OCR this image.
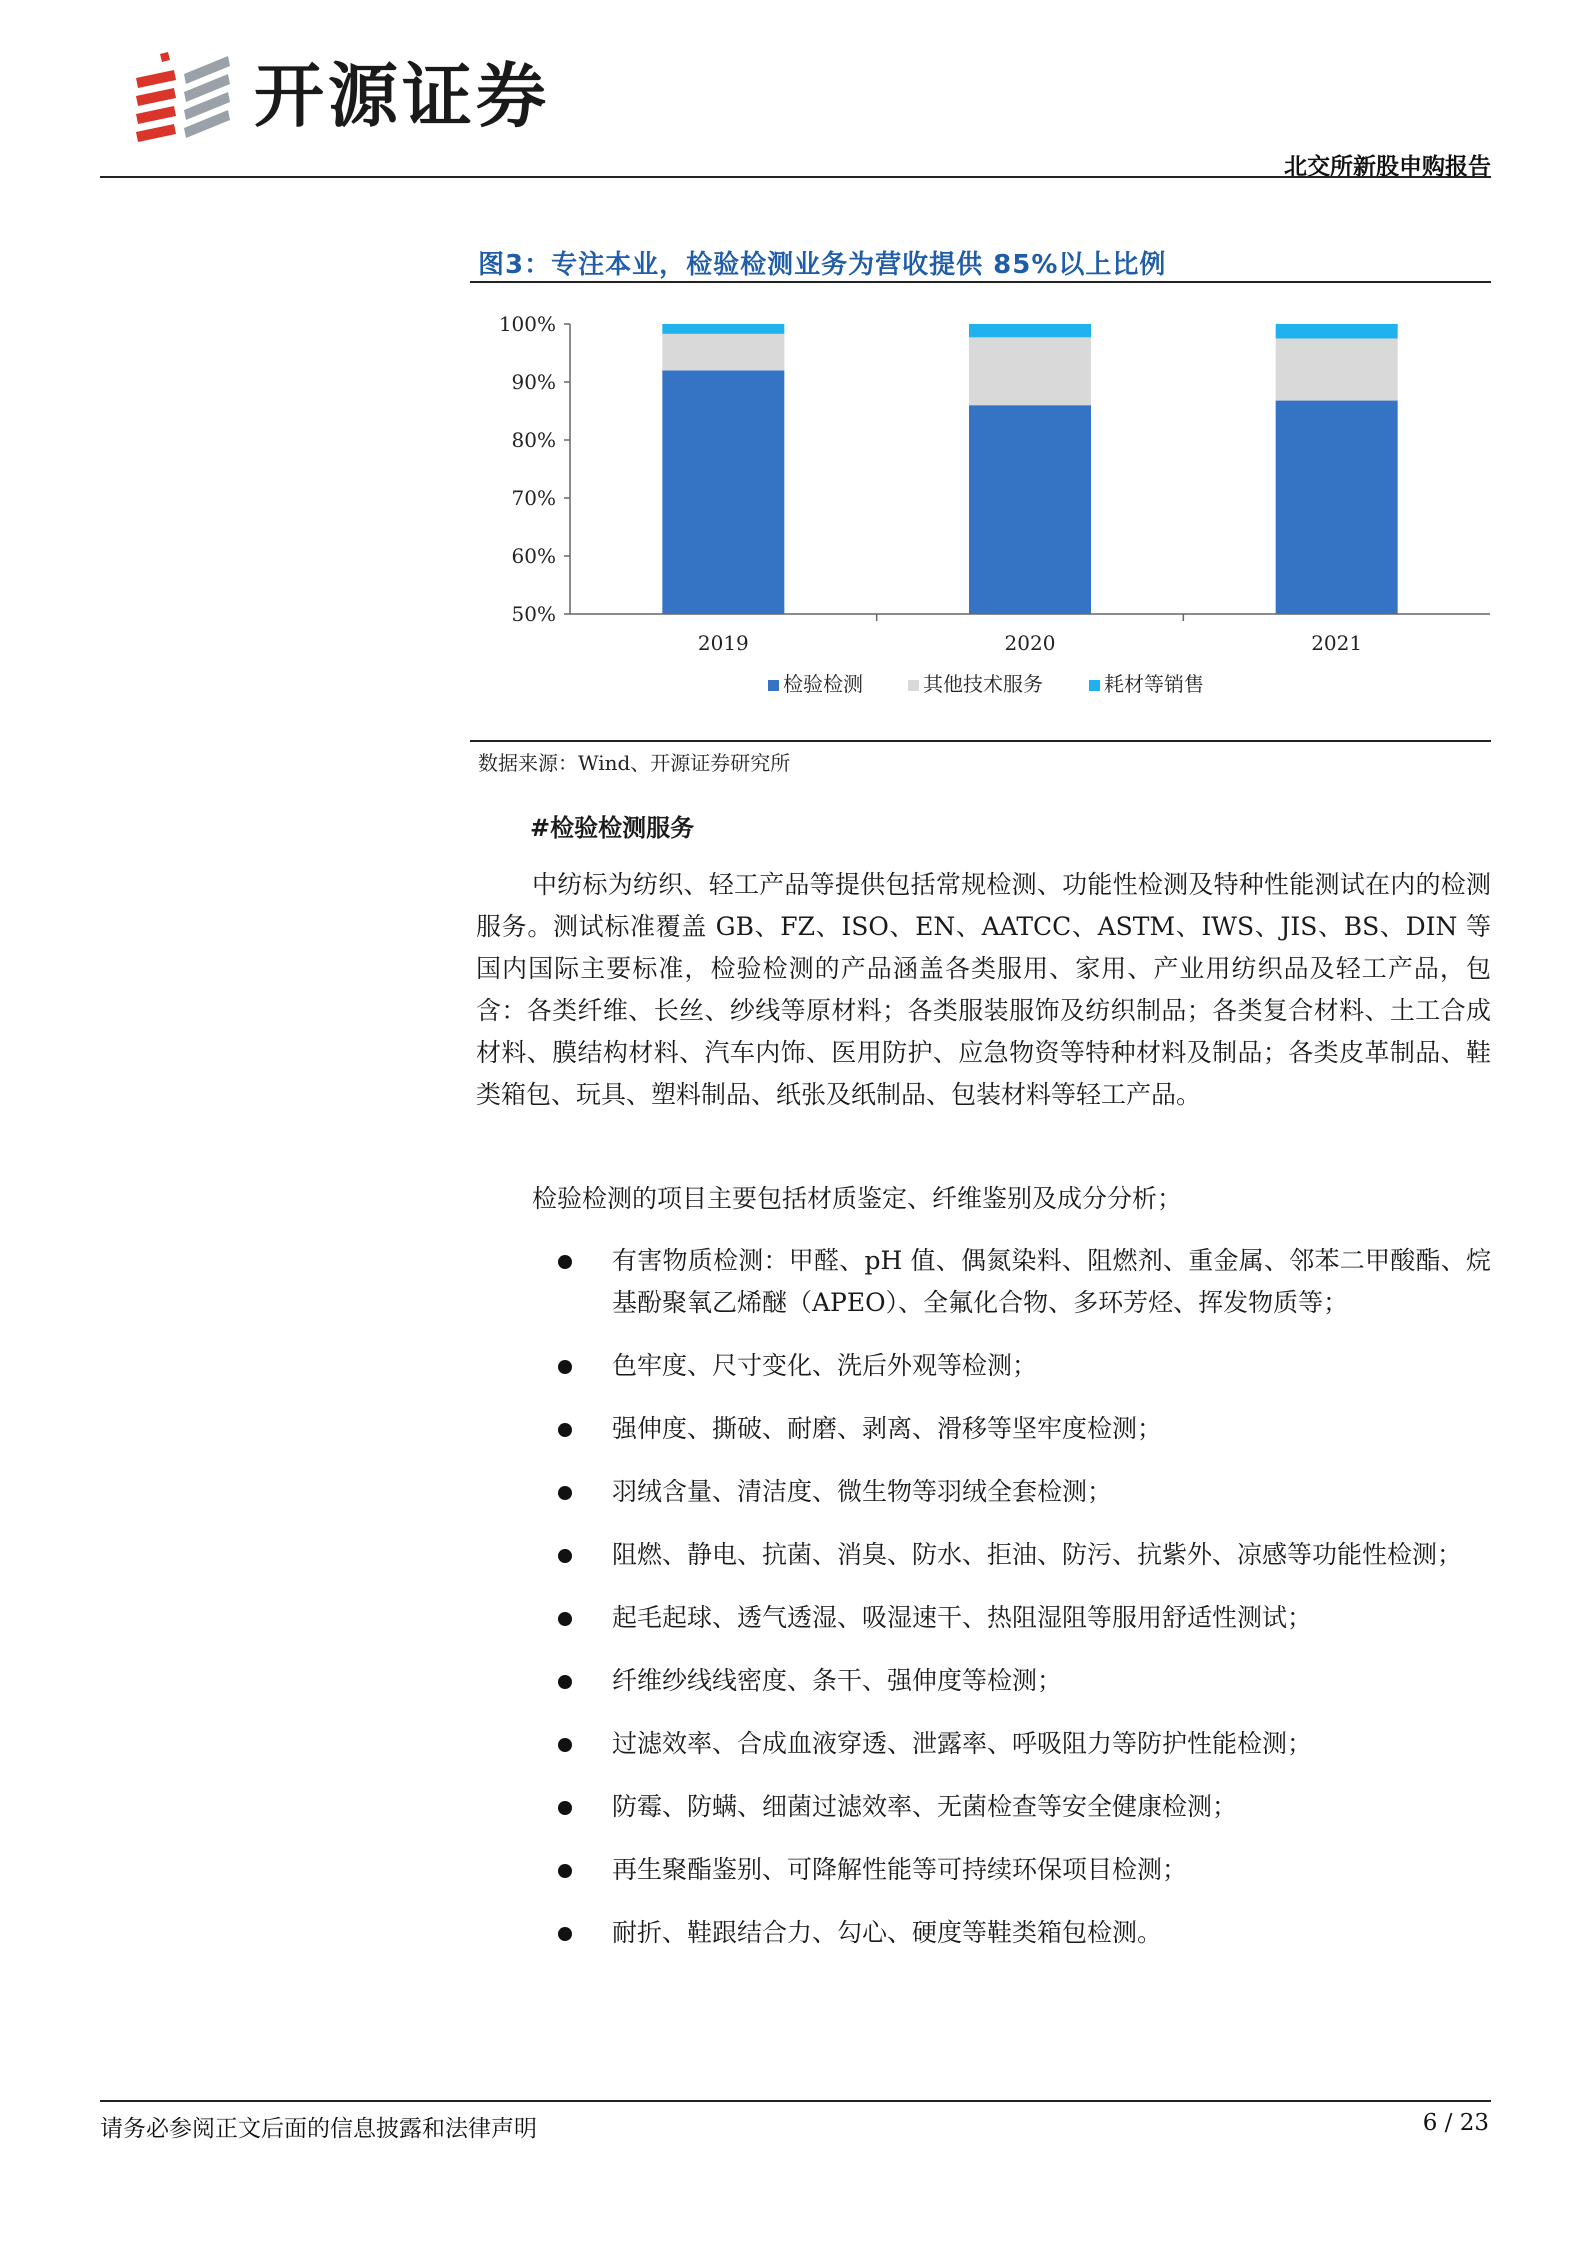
开源证券
北交所新股申购报告
图3：专注本业，检验检测业务为营收提供 85%以上比例
50%
60%
70%
80%
90%
100%
2019	2020	2021
检验检测	其他技术服务	耗材等销售
数据来源：Wind、开源证券研究所
#检验检测服务

中纺标为纺织、轻工产品等提供包括常规检测、功能性检测及特种性能测试在内的检测服务。测试标准覆盖 GB、FZ、ISO、EN、AATCC、ASTM、IWS、JIS、BS、DIN 等国内国际主要标准，检验检测的产品涵盖各类服用、家用、产业用纺织品及轻工产品，包含：各类纤维、长丝、纱线等原材料；各类服装服饰及纺织制品；各类复合材料、土工合成材料、膜结构材料、汽车内饰、医用防护、应急物资等特种材料及制品；各类皮革制品、鞋类箱包、玩具、塑料制品、纸张及纸制品、包装材料等轻工产品。

检验检测的项目主要包括材质鉴定、纤维鉴别及成分分析；

有害物质检测：甲醛、pH 值、偶氮染料、阻燃剂、重金属、邻苯二甲酸酯、烷基酚聚氧乙烯醚（APEO）、全氟化合物、多环芳烃、挥发物质等；
色牢度、尺寸变化、洗后外观等检测；
强伸度、撕破、耐磨、剥离、滑移等坚牢度检测；
羽绒含量、清洁度、微生物等羽绒全套检测；
阻燃、静电、抗菌、消臭、防水、拒油、防污、抗紫外、凉感等功能性检测；
起毛起球、透气透湿、吸湿速干、热阻湿阻等服用舒适性测试；
纤维纱线线密度、条干、强伸度等检测；
过滤效率、合成血液穿透、泄露率、呼吸阻力等防护性能检测；
防霉、防螨、细菌过滤效率、无菌检查等安全健康检测；
再生聚酯鉴别、可降解性能等可持续环保项目检测；
耐折、鞋跟结合力、勾心、硬度等鞋类箱包检测。
请务必参阅正文后面的信息披露和法律声明	6 / 23
